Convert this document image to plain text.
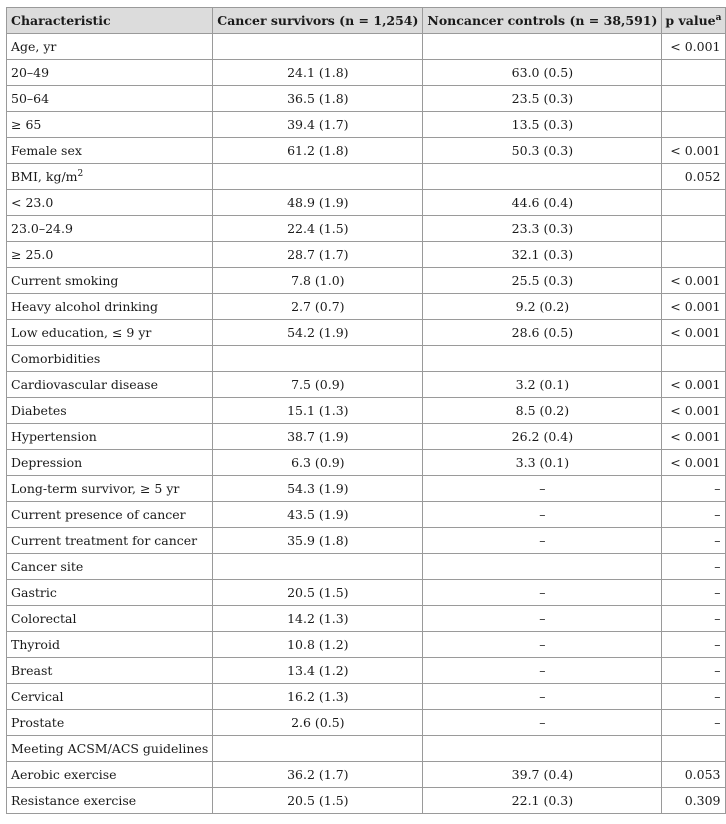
Characteristic	Cancer survivors (n = 1,254)	Noncancer controls (n = 38,591)	p value$^a$
Age, yr			< 0.001
20–49	24.1 (1.8)	63.0 (0.5)	
50–64	36.5 (1.8)	23.5 (0.3)	
≥ 65	39.4 (1.7)	13.5 (0.3)	
Female sex	61.2 (1.8)	50.3 (0.3)	< 0.001
BMI, $kg/m^2$			0.052
< 23.0	48.9 (1.9)	44.6 (0.4)	
23.0–24.9	22.4 (1.5)	23.3 (0.3)	
≥ 25.0	28.7 (1.7)	32.1 (0.3)	
Current smoking	7.8 (1.0)	25.5 (0.3)	< 0.001
Heavy alcohol drinking	2.7 (0.7)	9.2 (0.2)	< 0.001
Low education, ≤ 9 yr	54.2 (1.9)	28.6 (0.5)	< 0.001
Comorbidities			
Cardiovascular disease	7.5 (0.9)	3.2 (0.1)	< 0.001
Diabetes	15.1 (1.3)	8.5 (0.2)	< 0.001
Hypertension	38.7 (1.9)	26.2 (0.4)	< 0.001
Depression	6.3 (0.9)	3.3 (0.1)	< 0.001
Long-term survivor, ≥ 5 yr	54.3 (1.9)	–	–
Current presence of cancer	43.5 (1.9)	–	–
Current treatment for cancer	35.9 (1.8)	–	–
Cancer site			–
Gastric	20.5 (1.5)	–	–
Colorectal	14.2 (1.3)	–	–
Thyroid	10.8 (1.2)	–	–
Breast	13.4 (1.2)	–	–
Cervical	16.2 (1.3)	–	–
Prostate	2.6 (0.5)	–	–
Meeting ACSM/ACS guidelines			
Aerobic exercise	36.2 (1.7)	39.7 (0.4)	0.053
Resistance exercise	20.5 (1.5)	22.1 (0.3)	0.309
